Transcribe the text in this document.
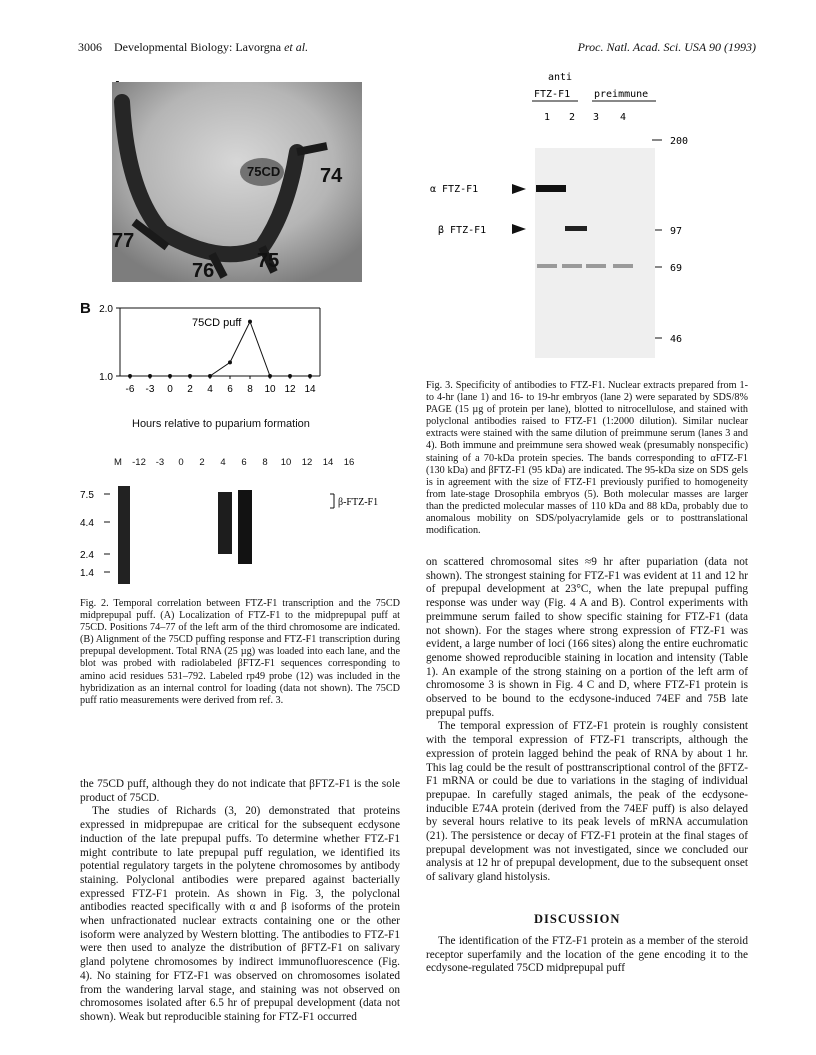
3006 Developmental Biology: Lavorgna et al.	Proc. Natl. Acad. Sci. USA 90 (1993)
75CD 74
77
76 75
B
1.0
2.0
-6 -3 0 2 4 6 8 10 12 14
75CD puff
Hours relative to puparium formation
M -12 -3 0 2 4 6 8 10 12 14 16
7.5
4.4
2.4
1.4
β-FTZ-F1

Fig. 2. Temporal correlation between FTZ-F1 transcription and the 75CD midprepupal puff. (A) Localization of FTZ-F1 to the midprepupal puff at 75CD. Positions 74–77 of the left arm of the third chromosome are indicated. (B) Alignment of the 75CD puffing response and FTZ-F1 transcription during prepupal development. Total RNA (25 µg) was loaded into each lane, and the blot was probed with radiolabeled βFTZ-F1 sequences corresponding to amino acid residues 531–792. Labeled rp49 probe (12) was included in the hybridization as an internal control for loading (data not shown). The 75CD puff ratio measurements were derived from ref. 3.

the 75CD puff, although they do not indicate that βFTZ-F1 is the sole product of 75CD.

The studies of Richards (3, 20) demonstrated that proteins expressed in midprepupae are critical for the subsequent ecdysone induction of the late prepupal puffs. To determine whether FTZ-F1 might contribute to late prepupal puff regulation, we identified its potential regulatory targets in the polytene chromosomes by antibody staining. Polyclonal antibodies were prepared against bacterially expressed FTZ-F1 protein. As shown in Fig. 3, the polyclonal antibodies reacted specifically with α and β isoforms of the protein when unfractionated nuclear extracts containing one or the other isoform were analyzed by Western blotting. The antibodies to FTZ-F1 were then used to analyze the distribution of βFTZ-F1 on salivary gland polytene chromosomes by indirect immunofluorescence (Fig. 4). No staining for FTZ-F1 was observed on chromosomes isolated from the wandering larval stage, and staining was not observed on chromosomes isolated after 6.5 hr of prepupal development (data not shown). Weak but reproducible staining for FTZ-F1 occurred

anti
FTZ-F1 preimmune
1 2 3 4
200
97
69
46
α FTZ-F1
β FTZ-F1

Fig. 3. Specificity of antibodies to FTZ-F1. Nuclear extracts prepared from 1- to 4-hr (lane 1) and 16- to 19-hr embryos (lane 2) were separated by SDS/8% PAGE (15 µg of protein per lane), blotted to nitrocellulose, and stained with polyclonal antibodies raised to FTZ-F1 (1:2000 dilution). Similar nuclear extracts were stained with the same dilution of preimmune serum (lanes 3 and 4). Both immune and preimmune sera showed weak (presumably nonspecific) staining of a 70-kDa protein species. The bands corresponding to αFTZ-F1 (130 kDa) and βFTZ-F1 (95 kDa) are indicated. The 95-kDa size on SDS gels is in agreement with the size of FTZ-F1 previously purified to homogeneity from late-stage Drosophila embryos (5). Both molecular masses are larger than the predicted molecular masses of 110 kDa and 88 kDa, probably due to anomalous mobility on SDS/polyacrylamide gels or to posttranslational modification.

on scattered chromosomal sites ≈9 hr after pupariation (data not shown). The strongest staining for FTZ-F1 was evident at 11 and 12 hr of prepupal development at 23°C, when the late prepupal puffing response was under way (Fig. 4 A and B). Control experiments with preimmune serum failed to show specific staining for FTZ-F1 (data not shown). For the stages where strong expression of FTZ-F1 was evident, a large number of loci (166 sites) along the entire euchromatic genome showed reproducible staining in location and intensity (Table 1). An example of the strong staining on a portion of the left arm of chromosome 3 is shown in Fig. 4 C and D, where FTZ-F1 protein is observed to be bound to the ecdysone-induced 74EF and 75B late prepupal puffs.

The temporal expression of FTZ-F1 protein is roughly consistent with the temporal expression of FTZ-F1 transcripts, although the expression of protein lagged behind the peak of RNA by about 1 hr. This lag could be the result of posttranscriptional control of the βFTZ-F1 mRNA or could be due to variations in the staging of individual prepupae. In carefully staged animals, the peak of the ecdysone-inducible E74A protein (derived from the 74EF puff) is also delayed by several hours relative to its peak levels of mRNA accumulation (21). The persistence or decay of FTZ-F1 protein at the final stages of prepupal development was not investigated, since we concluded our analysis at 12 hr of prepupal development, due to the subsequent onset of salivary gland histolysis.

DISCUSSION

The identification of the FTZ-F1 protein as a member of the steroid receptor superfamily and the location of the gene encoding it to the ecdysone-regulated 75CD midprepupal puff
